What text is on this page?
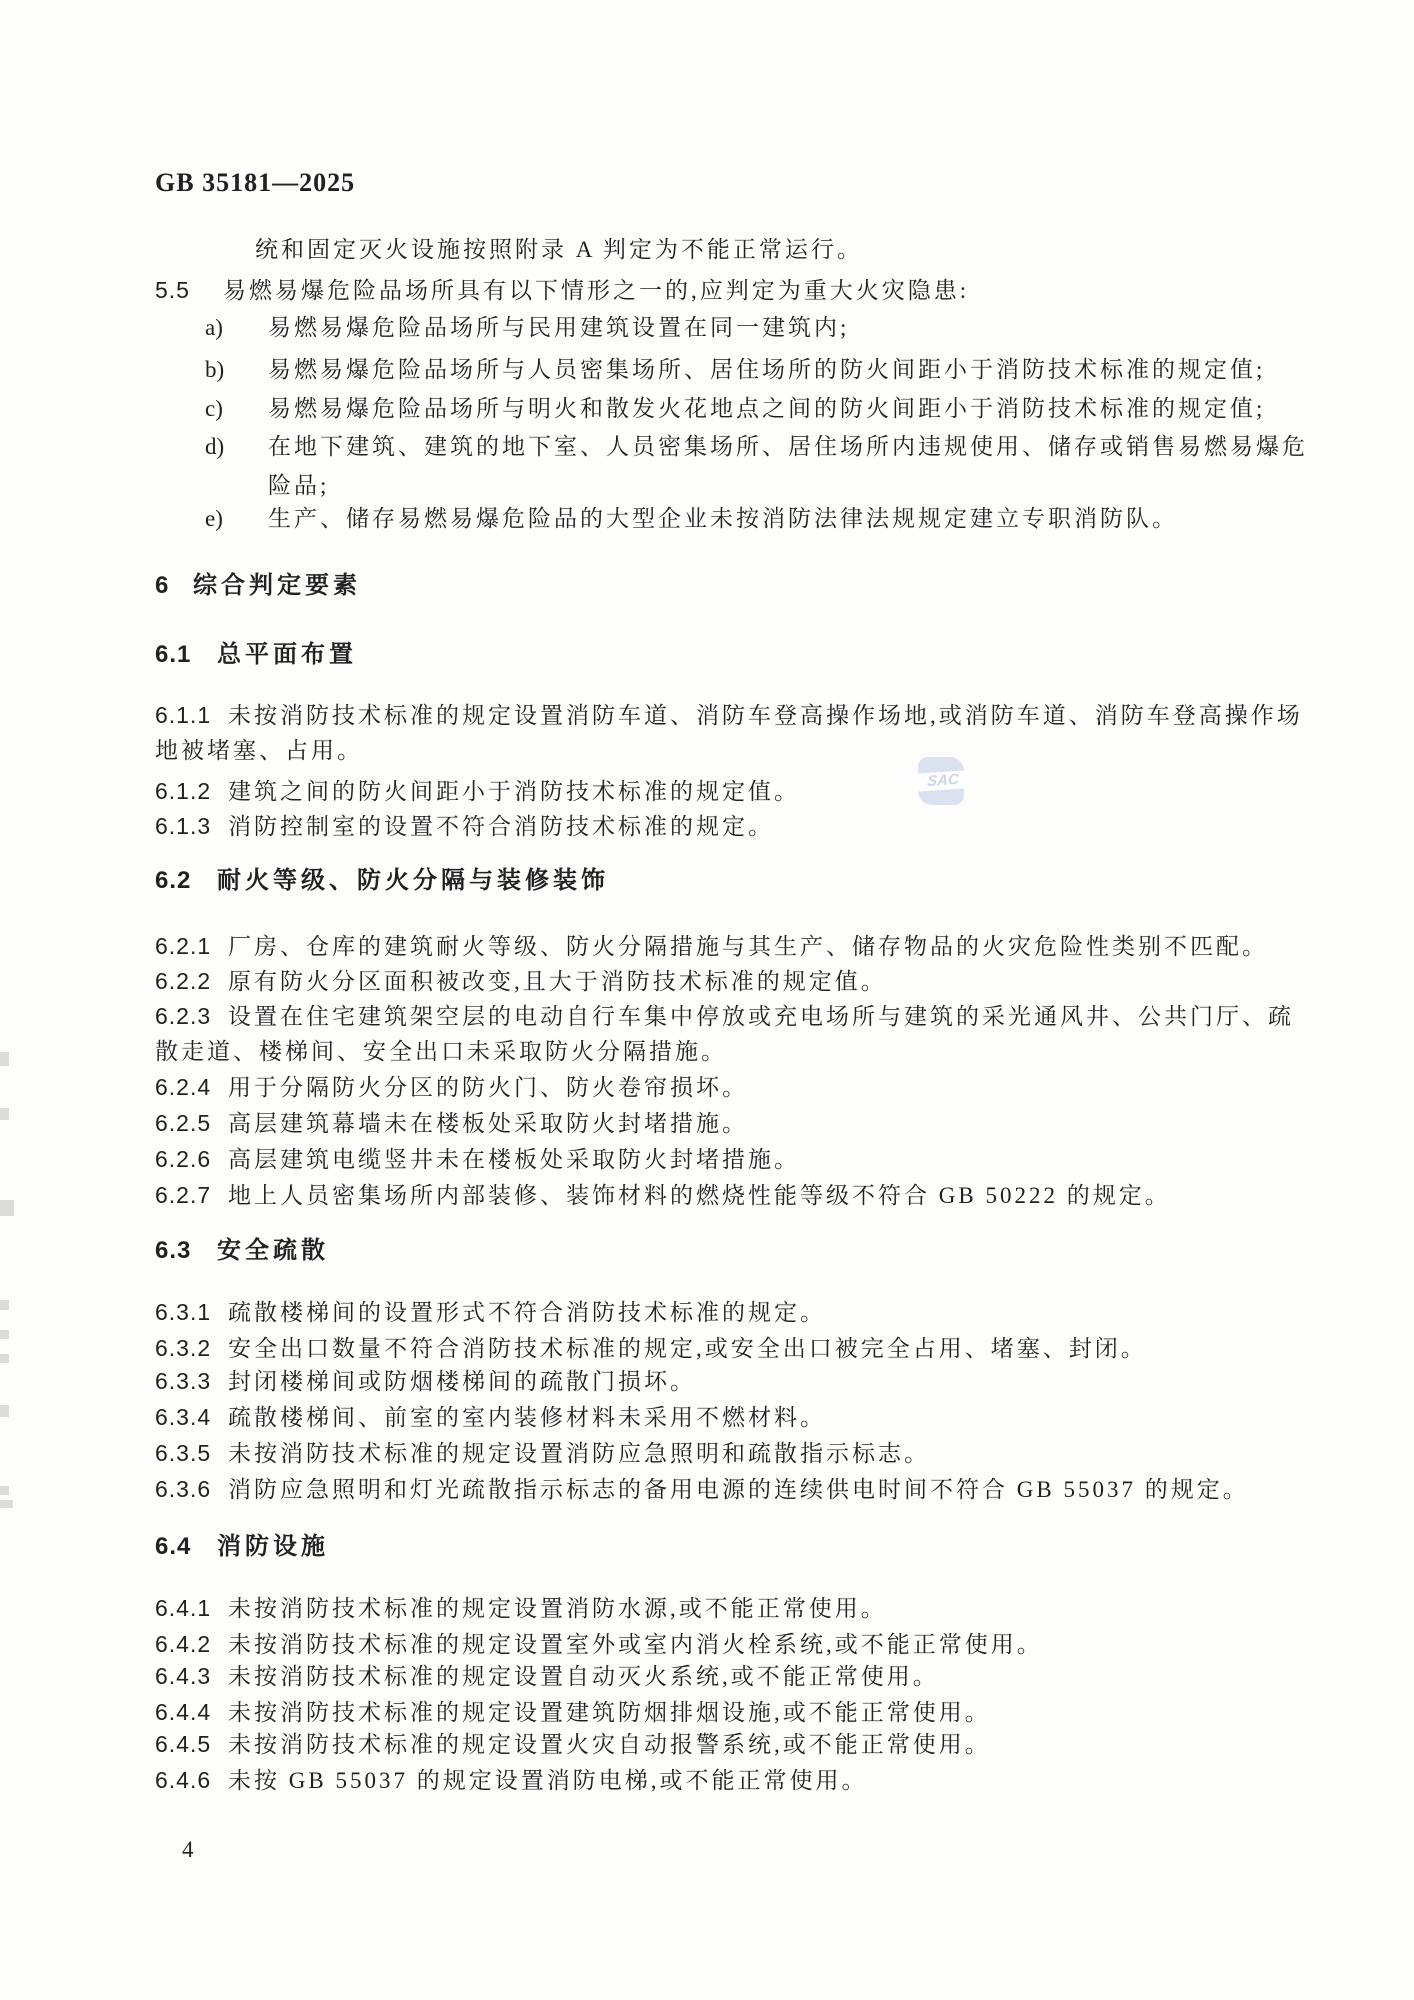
GB 35181—2025
统和固定灭火设施按照附录 A 判定为不能正常运行。
5.5 易燃易爆危险品场所具有以下情形之一的,应判定为重大火灾隐患:
a) 易燃易爆危险品场所与民用建筑设置在同一建筑内;
b) 易燃易爆危险品场所与人员密集场所、居住场所的防火间距小于消防技术标准的规定值;
c) 易燃易爆危险品场所与明火和散发火花地点之间的防火间距小于消防技术标准的规定值;
d) 在地下建筑、建筑的地下室、人员密集场所、居住场所内违规使用、储存或销售易燃易爆危
险品;
e) 生产、储存易燃易爆危险品的大型企业未按消防法律法规规定建立专职消防队。
6 综合判定要素
6.1 总平面布置
6.1.1 未按消防技术标准的规定设置消防车道、消防车登高操作场地,或消防车道、消防车登高操作场
地被堵塞、占用。
6.1.2 建筑之间的防火间距小于消防技术标准的规定值。
6.1.3 消防控制室的设置不符合消防技术标准的规定。
6.2 耐火等级、防火分隔与装修装饰
6.2.1 厂房、仓库的建筑耐火等级、防火分隔措施与其生产、储存物品的火灾危险性类别不匹配。
6.2.2 原有防火分区面积被改变,且大于消防技术标准的规定值。
6.2.3 设置在住宅建筑架空层的电动自行车集中停放或充电场所与建筑的采光通风井、公共门厅、疏
散走道、楼梯间、安全出口未采取防火分隔措施。
6.2.4 用于分隔防火分区的防火门、防火卷帘损坏。
6.2.5 高层建筑幕墙未在楼板处采取防火封堵措施。
6.2.6 高层建筑电缆竖井未在楼板处采取防火封堵措施。
6.2.7 地上人员密集场所内部装修、装饰材料的燃烧性能等级不符合 GB 50222 的规定。
6.3 安全疏散
6.3.1 疏散楼梯间的设置形式不符合消防技术标准的规定。
6.3.2 安全出口数量不符合消防技术标准的规定,或安全出口被完全占用、堵塞、封闭。
6.3.3 封闭楼梯间或防烟楼梯间的疏散门损坏。
6.3.4 疏散楼梯间、前室的室内装修材料未采用不燃材料。
6.3.5 未按消防技术标准的规定设置消防应急照明和疏散指示标志。
6.3.6 消防应急照明和灯光疏散指示标志的备用电源的连续供电时间不符合 GB 55037 的规定。
6.4 消防设施
6.4.1 未按消防技术标准的规定设置消防水源,或不能正常使用。
6.4.2 未按消防技术标准的规定设置室外或室内消火栓系统,或不能正常使用。
6.4.3 未按消防技术标准的规定设置自动灭火系统,或不能正常使用。
6.4.4 未按消防技术标准的规定设置建筑防烟排烟设施,或不能正常使用。
6.4.5 未按消防技术标准的规定设置火灾自动报警系统,或不能正常使用。
6.4.6 未按 GB 55037 的规定设置消防电梯,或不能正常使用。
4
SAC
